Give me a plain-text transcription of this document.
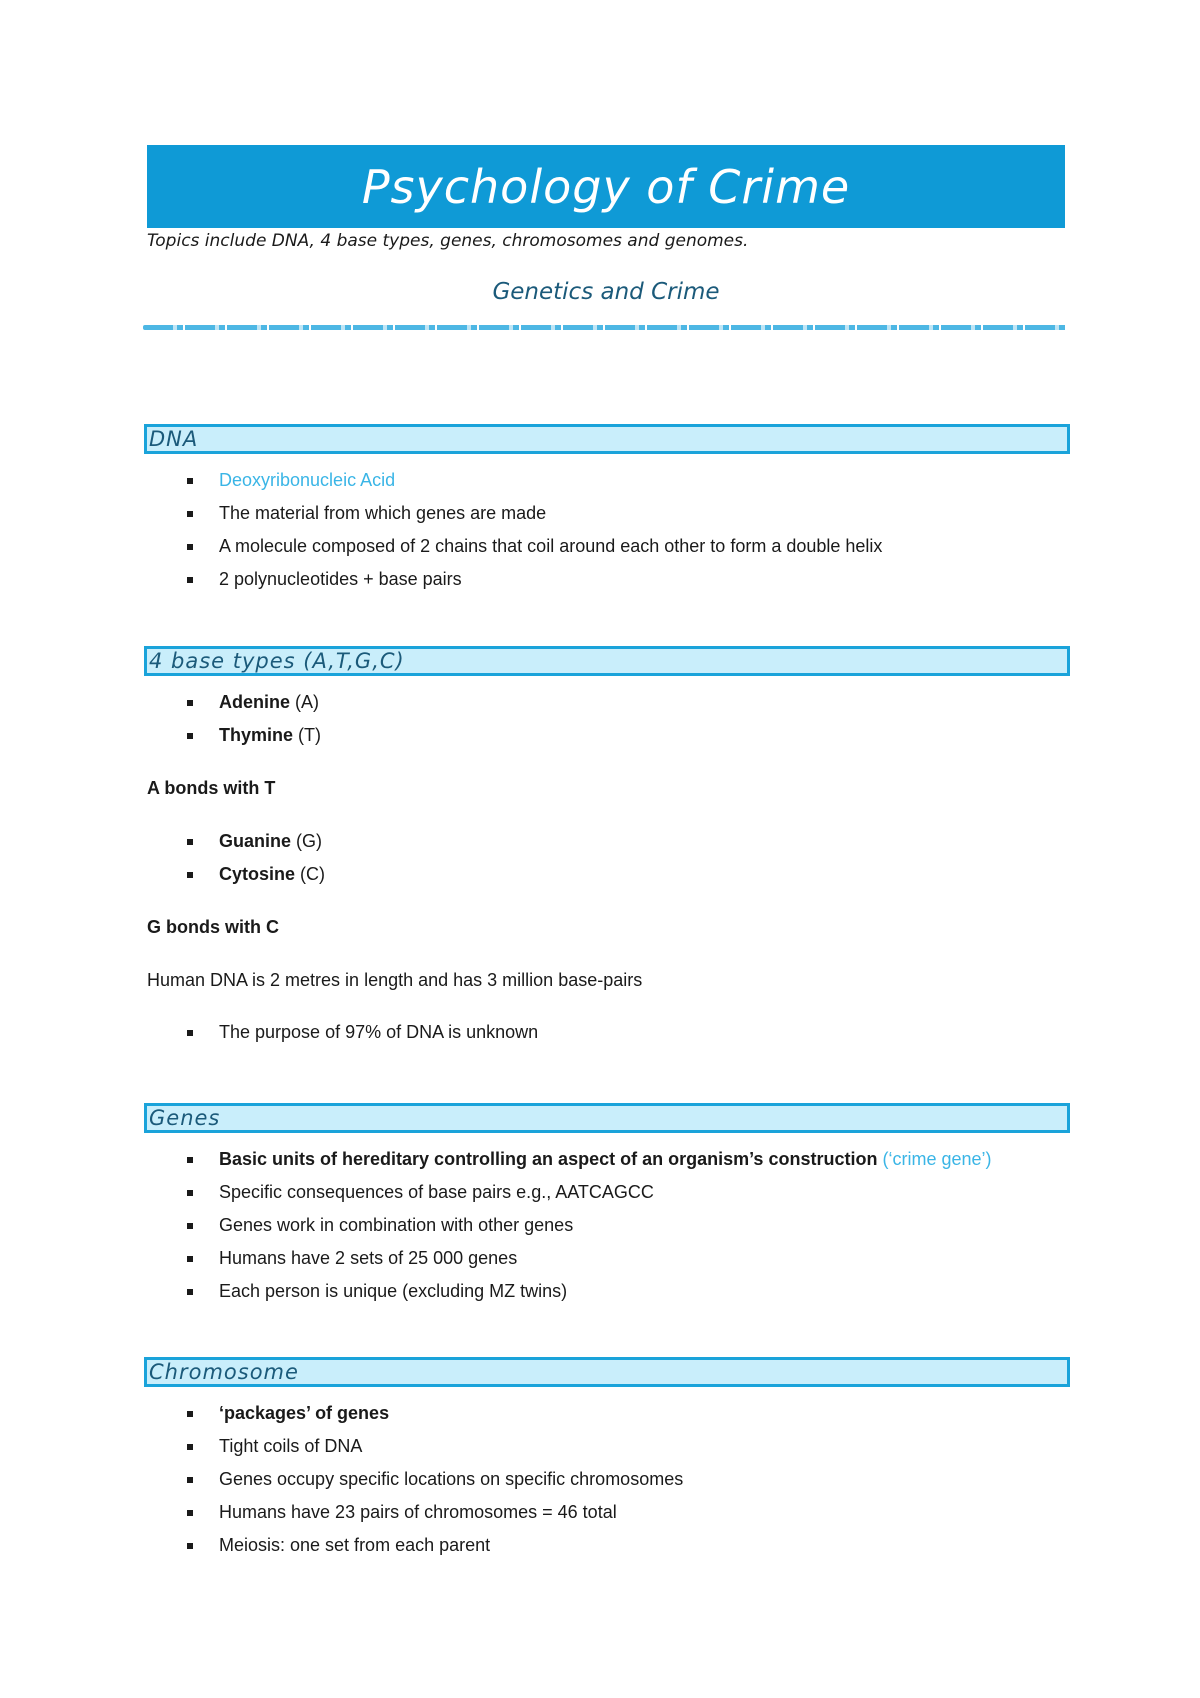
Psychology of Crime
Topics include DNA, 4 base types, genes, chromosomes and genomes.
Genetics and Crime
DNA
Deoxyribonucleic Acid
The material from which genes are made
A molecule composed of 2 chains that coil around each other to form a double helix
2 polynucleotides + base pairs
4 base types (A,T,G,C)
Adenine (A)
Thymine (T)
A bonds with T
Guanine (G)
Cytosine (C)
G bonds with C
Human DNA is 2 metres in length and has 3 million base-pairs
The purpose of 97% of DNA is unknown
Genes
Basic units of hereditary controlling an aspect of an organism’s construction (‘crime gene’)
Specific consequences of base pairs e.g., AATCAGCC
Genes work in combination with other genes
Humans have 2 sets of 25 000 genes
Each person is unique (excluding MZ twins)
Chromosome
‘packages’ of genes
Tight coils of DNA
Genes occupy specific locations on specific chromosomes
Humans have 23 pairs of chromosomes = 46 total
Meiosis: one set from each parent
